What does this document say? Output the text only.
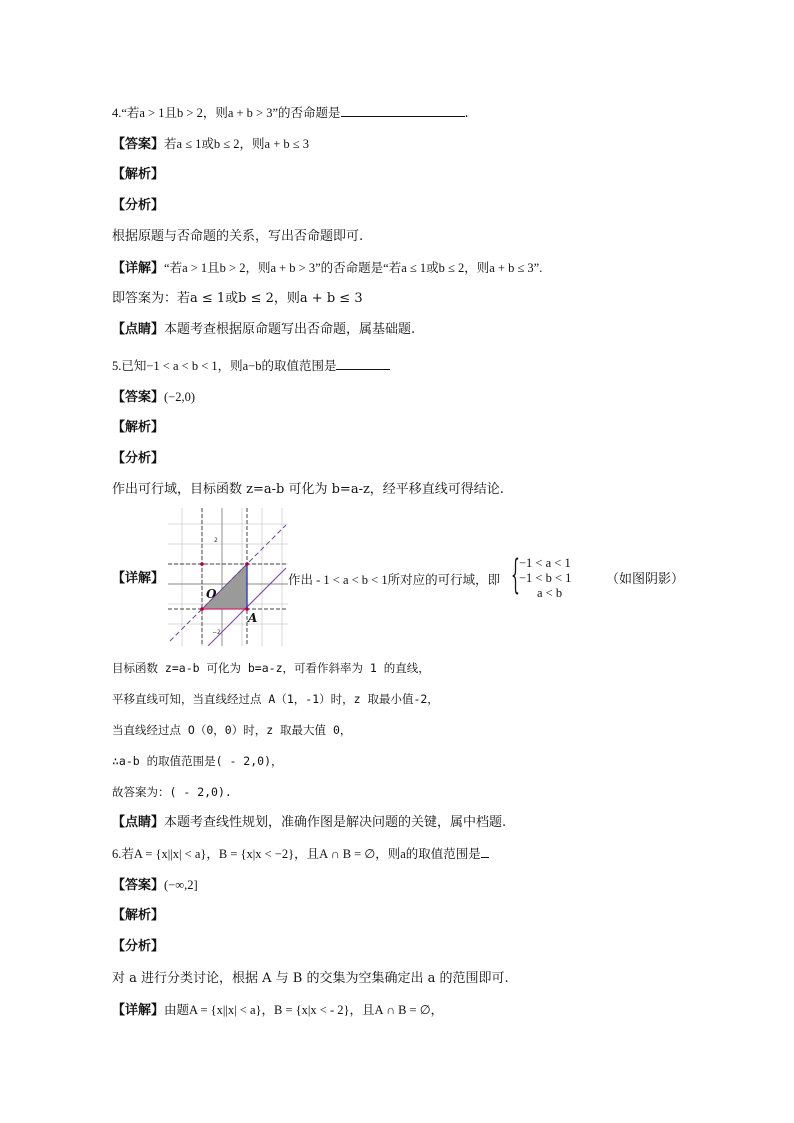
4.“若a > 1且b > 2，则a + b > 3”的否命题是	.
【答案】若a ≤ 1或b ≤ 2，则a + b ≤ 3
【解析】
【分析】
根据原题与否命题的关系，写出否命题即可.
【详解】“若a > 1且b > 2，则a + b > 3”的否命题是“若a ≤ 1或b ≤ 2，则a + b ≤ 3”.
即答案为：若a ≤ 1或b ≤ 2，则a + b ≤ 3
【点睛】本题考查根据原命题写出否命题，属基础题.
5.已知−1 < a < b < 1，则a−b的取值范围是
【答案】(−2,0)
【解析】
【分析】
作出可行域，目标函数 z=a-b 可化为 b=a-z，经平移直线可得结论.
O
A
2
−2
【详解】	作出 - 1 < a < b < 1所对应的可行域，即 { −1 < a < 1
−1 < b < 1
a < b
（如图阴影）
目标函数 z=a-b 可化为 b=a-z，可看作斜率为 1 的直线，
平移直线可知，当直线经过点 A（1，-1）时，z 取最小值-2，
当直线经过点 O（0，0）时，z 取最大值 0，
∴a-b 的取值范围是( - 2,0)，
故答案为：( - 2,0).
【点睛】本题考查线性规划，准确作图是解决问题的关键，属中档题.
6.若A = {x||x| < a}，B = {x|x < −2}，且A ∩ B = ∅，则a的取值范围是
【答案】(−∞,2]
【解析】
【分析】
对 a 进行分类讨论，根据 A 与 B 的交集为空集确定出 a 的范围即可.
【详解】由题A = {x||x| < a}，B = {x|x < - 2}，且A ∩ B = ∅，
